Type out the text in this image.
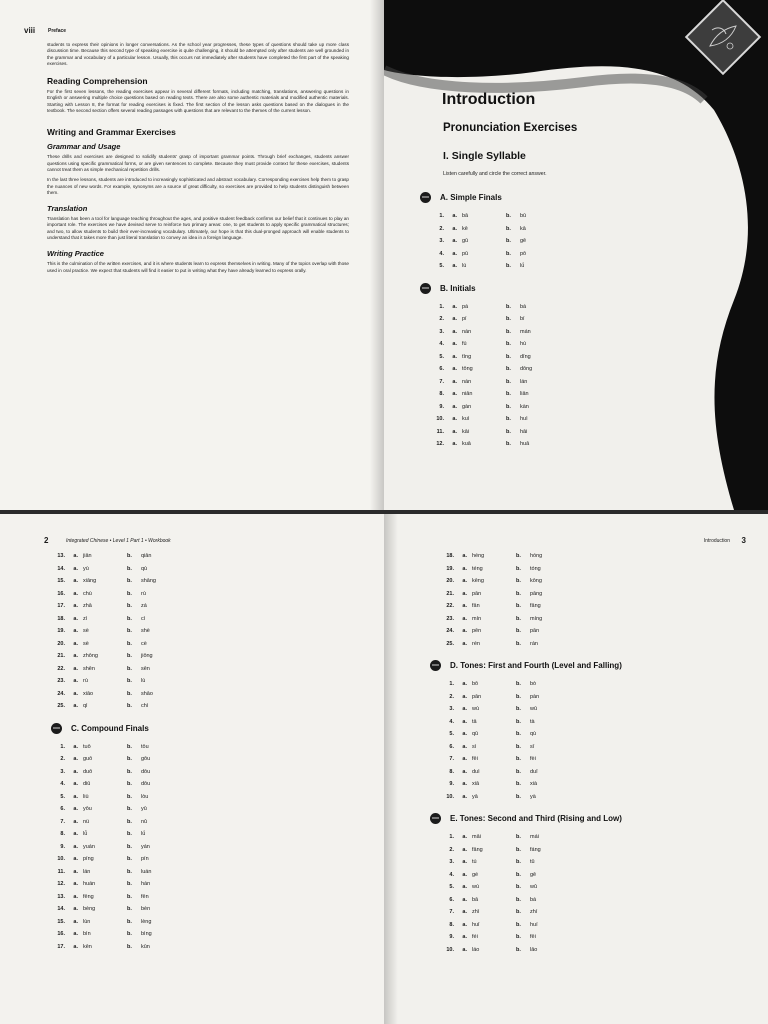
viii	Preface

students to express their opinions in longer conversations. As the school year progresses, these types of questions should take up more class discussion time. Because this second type of speaking exercise is quite challenging, it should be attempted only after students are well grounded in the grammar and vocabulary of a particular lesson. Usually, this occurs not immediately after students have completed the first part of the speaking exercises.

Reading Comprehension

For the first seven lessons, the reading exercises appear in several different formats, including matching, translations, answering questions in English or answering multiple choice questions based on reading texts. There are also some authentic materials and modified authentic materials. Starting with Lesson 8, the format for reading exercises is fixed. The first section of the lesson asks questions based on the dialogues in the textbook. The second section offers several reading passages with questions that are relevant to the themes of the current lesson.

Writing and Grammar Exercises
Grammar and Usage

These drills and exercises are designed to solidify students' grasp of important grammar points. Through brief exchanges, students answer questions using specific grammatical forms, or are given sentences to complete. Because they must provide context for these exercises, students cannot treat them as simple mechanical repetition drills.

In the last three lessons, students are introduced to increasingly sophisticated and abstract vocabulary. Corresponding exercises help them to grasp the nuances of new words. For example, synonyms are a source of great difficulty, so exercises are provided to help students distinguish between them.

Translation

Translation has been a tool for language teaching throughout the ages, and positive student feedback confirms our belief that it continues to play an important role. The exercises we have devised serve to reinforce two primary areas: one, to get students to apply specific grammatical structures; and two, to allow students to build their ever-increasing vocabulary. Ultimately, our hope is that this dual-pronged approach will enable students to understand that it takes more than just literal translation to convey an idea in a foreign language.

Writing Practice

This is the culmination of the written exercises, and it is where students learn to express themselves in writing. Many of the topics overlap with those used in oral practice. We expect that students will find it easier to put in writing what they have already learned to express orally.

Introduction
Pronunciation Exercises
I. Single Syllable
Listen carefully and circle the correct answer.
A. Simple Finals
1.	a. bā	b.	bū
2.	a. kē	b.	kā
3.	a. gū	b.	gē
4.	a. pū	b.	pō
5.	a. lú	b.	lǘ
B. Initials
1.	a. pá	b.	bá
2.	a. pí	b.	bí
3.	a. nán	b.	mán
4.	a. fú	b.	hú
5.	a. tīng	b.	dīng
6.	a. tōng	b.	dōng
7.	a. nán	b.	lán
8.	a. niān	b.	liān
9.	a. gàn	b.	kàn
10.	a. kuì	b.	huì
11.	a. kāi	b.	hāi
12.	a. kuā	b.	huā
2	Integrated Chinese • Level 1 Part 1 • Workbook
13.	a. jiān	b.	qiān
14.	a. yù	b.	qù
15.	a. xiāng	b.	shāng
16.	a. chù	b.	rù
17.	a. zhā	b.	zá
18.	a. zì	b.	cì
19.	a. sè	b.	shè
20.	a. sè	b.	cè
21.	a. zhōng	b.	jiōng
22.	a. shēn	b.	sēn
23.	a. rù	b.	lù
24.	a. xiāo	b.	shāo
25.	a. qì	b.	chì
C. Compound Finals
1.	a. tuō	b.	tōu
2.	a. guō	b.	gōu
3.	a. duō	b.	dōu
4.	a. diū	b.	dōu
5.	a. liù	b.	lòu
6.	a. yōu	b.	yū
7.	a. nü	b.	nǔ
8.	a. lǚ	b.	lǘ
9.	a. yuán	b.	yán
10.	a. píng	b.	pín
11.	a. lán	b.	luán
12.	a. huán	b.	hán
13.	a. fēng	b.	fēn
14.	a. bèng	b.	bèn
15.	a. lùn	b.	lèng
16.	a. bìn	b.	bìng
17.	a. kēn	b.	kūn
Introduction 3
18.	a. héng	b.	hóng
19.	a. téng	b.	tóng
20.	a. kēng	b.	kōng
21.	a. pān	b.	pāng
22.	a. fān	b.	fāng
23.	a. mín	b.	míng
24.	a. pēn	b.	pān
25.	a. rén	b.	rán
D. Tones: First and Fourth (Level and Falling)
1.	a. bō	b.	bò
2.	a. pān	b.	pàn
3.	a. wù	b.	wū
4.	a. tā	b.	tà
5.	a. qū	b.	qù
6.	a. sì	b.	sī
7.	a. fēi	b.	fèi
8.	a. duì	b.	duī
9.	a. xiā	b.	xià
10.	a. yā	b.	yà
E. Tones: Second and Third (Rising and Low)
1.	a. mǎi	b.	mái
2.	a. fāng	b.	fáng
3.	a. tú	b.	tǔ
4.	a. gé	b.	gě
5.	a. wú	b.	wǔ
6.	a. bǎ	b.	bá
7.	a. zhǐ	b.	zhí
8.	a. huǐ	b.	huí
9.	a. féi	b.	fěi
10.	a. láo	b.	lǎo
